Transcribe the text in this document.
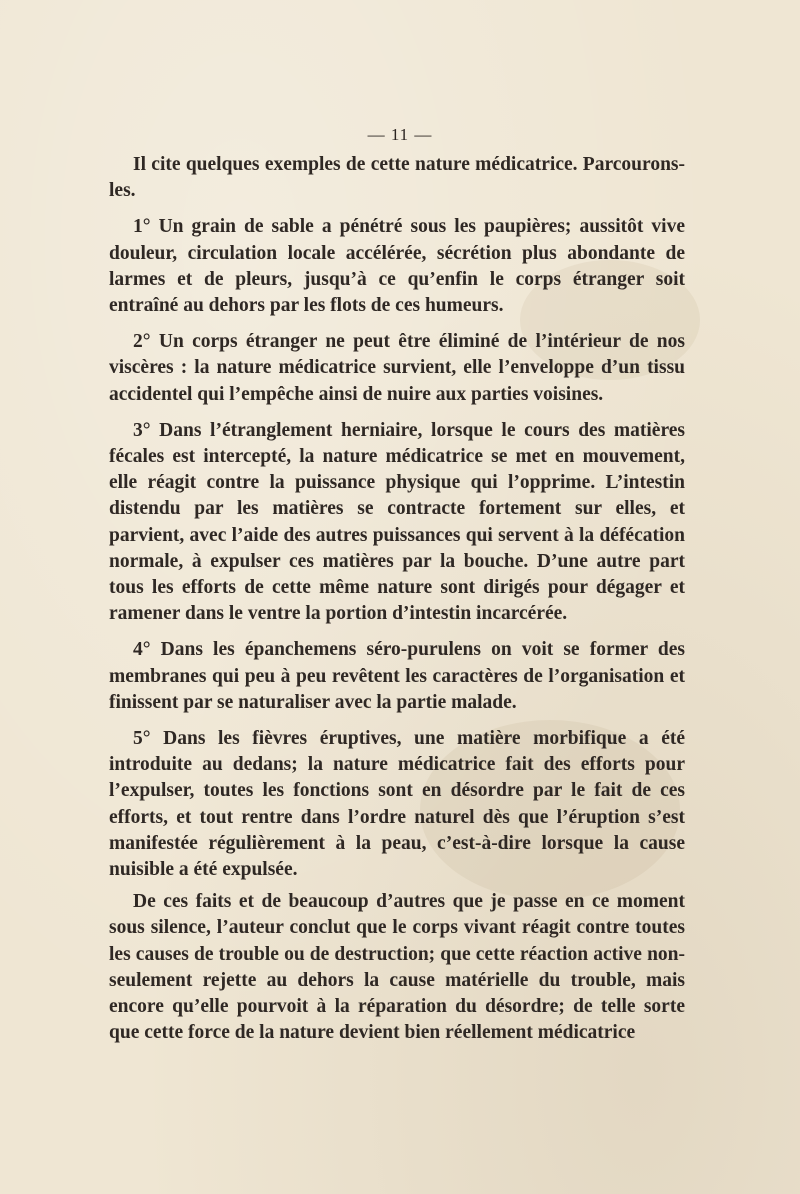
— 11 —

Il cite quelques exemples de cette nature médicatrice. Parcourons-les.

1° Un grain de sable a pénétré sous les paupières; aussitôt vive douleur, circulation locale accélérée, sécrétion plus abondante de larmes et de pleurs, jusqu’à ce qu’enfin le corps étranger soit entraîné au dehors par les flots de ces humeurs.

2° Un corps étranger ne peut être éliminé de l’intérieur de nos viscères : la nature médicatrice survient, elle l’enveloppe d’un tissu accidentel qui l’empêche ainsi de nuire aux parties voisines.

3° Dans l’étranglement herniaire, lorsque le cours des matières fécales est intercepté, la nature médicatrice se met en mouvement, elle réagit contre la puissance physique qui l’opprime. L’intestin distendu par les matières se contracte fortement sur elles, et parvient, avec l’aide des autres puissances qui servent à la défécation normale, à expulser ces matières par la bouche. D’une autre part tous les efforts de cette même nature sont dirigés pour dégager et ramener dans le ventre la portion d’intestin incarcérée.

4° Dans les épanchemens séro-purulens on voit se former des membranes qui peu à peu revêtent les caractères de l’organisation et finissent par se naturaliser avec la partie malade.

5° Dans les fièvres éruptives, une matière morbifique a été introduite au dedans; la nature médicatrice fait des efforts pour l’expulser, toutes les fonctions sont en désordre par le fait de ces efforts, et tout rentre dans l’ordre naturel dès que l’éruption s’est manifestée régulièrement à la peau, c’est-à-dire lorsque la cause nuisible a été expulsée.

De ces faits et de beaucoup d’autres que je passe en ce moment sous silence, l’auteur conclut que le corps vivant réagit contre toutes les causes de trouble ou de destruction; que cette réaction active non-seulement rejette au dehors la cause matérielle du trouble, mais encore qu’elle pourvoit à la réparation du désordre; de telle sorte que cette force de la nature devient bien réellement médicatrice
